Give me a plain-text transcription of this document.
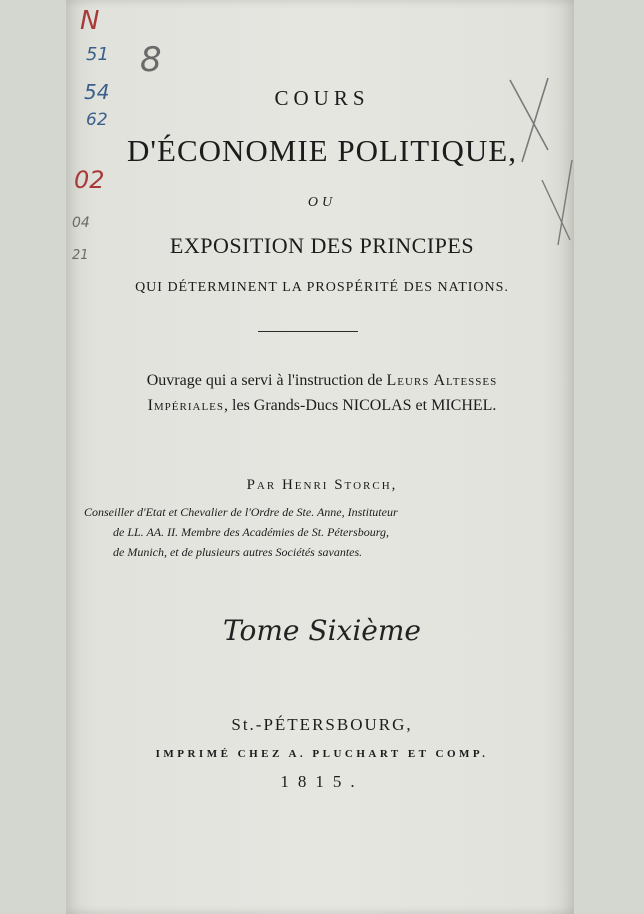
N
8
51
54
62
02
04
21
COURS
D'ÉCONOMIE POLITIQUE,
OU
EXPOSITION DES PRINCIPES
QUI DÉTERMINENT LA PROSPÉRITÉ DES NATIONS.
Ouvrage qui a servi à l'instruction de Leurs Altesses
Impériales, les Grands-Ducs NICOLAS et MICHEL.
Par Henri Storch,
Conseiller d'Etat et Chevalier de l'Ordre de Ste. Anne, Instituteur
de LL. AA. II. Membre des Académies de St. Pétersbourg,
de Munich, et de plusieurs autres Sociétés savantes.
Tome Sixième
St.-PÉTERSBOURG,
IMPRIMÉ CHEZ A. PLUCHART ET COMP.
1815.
